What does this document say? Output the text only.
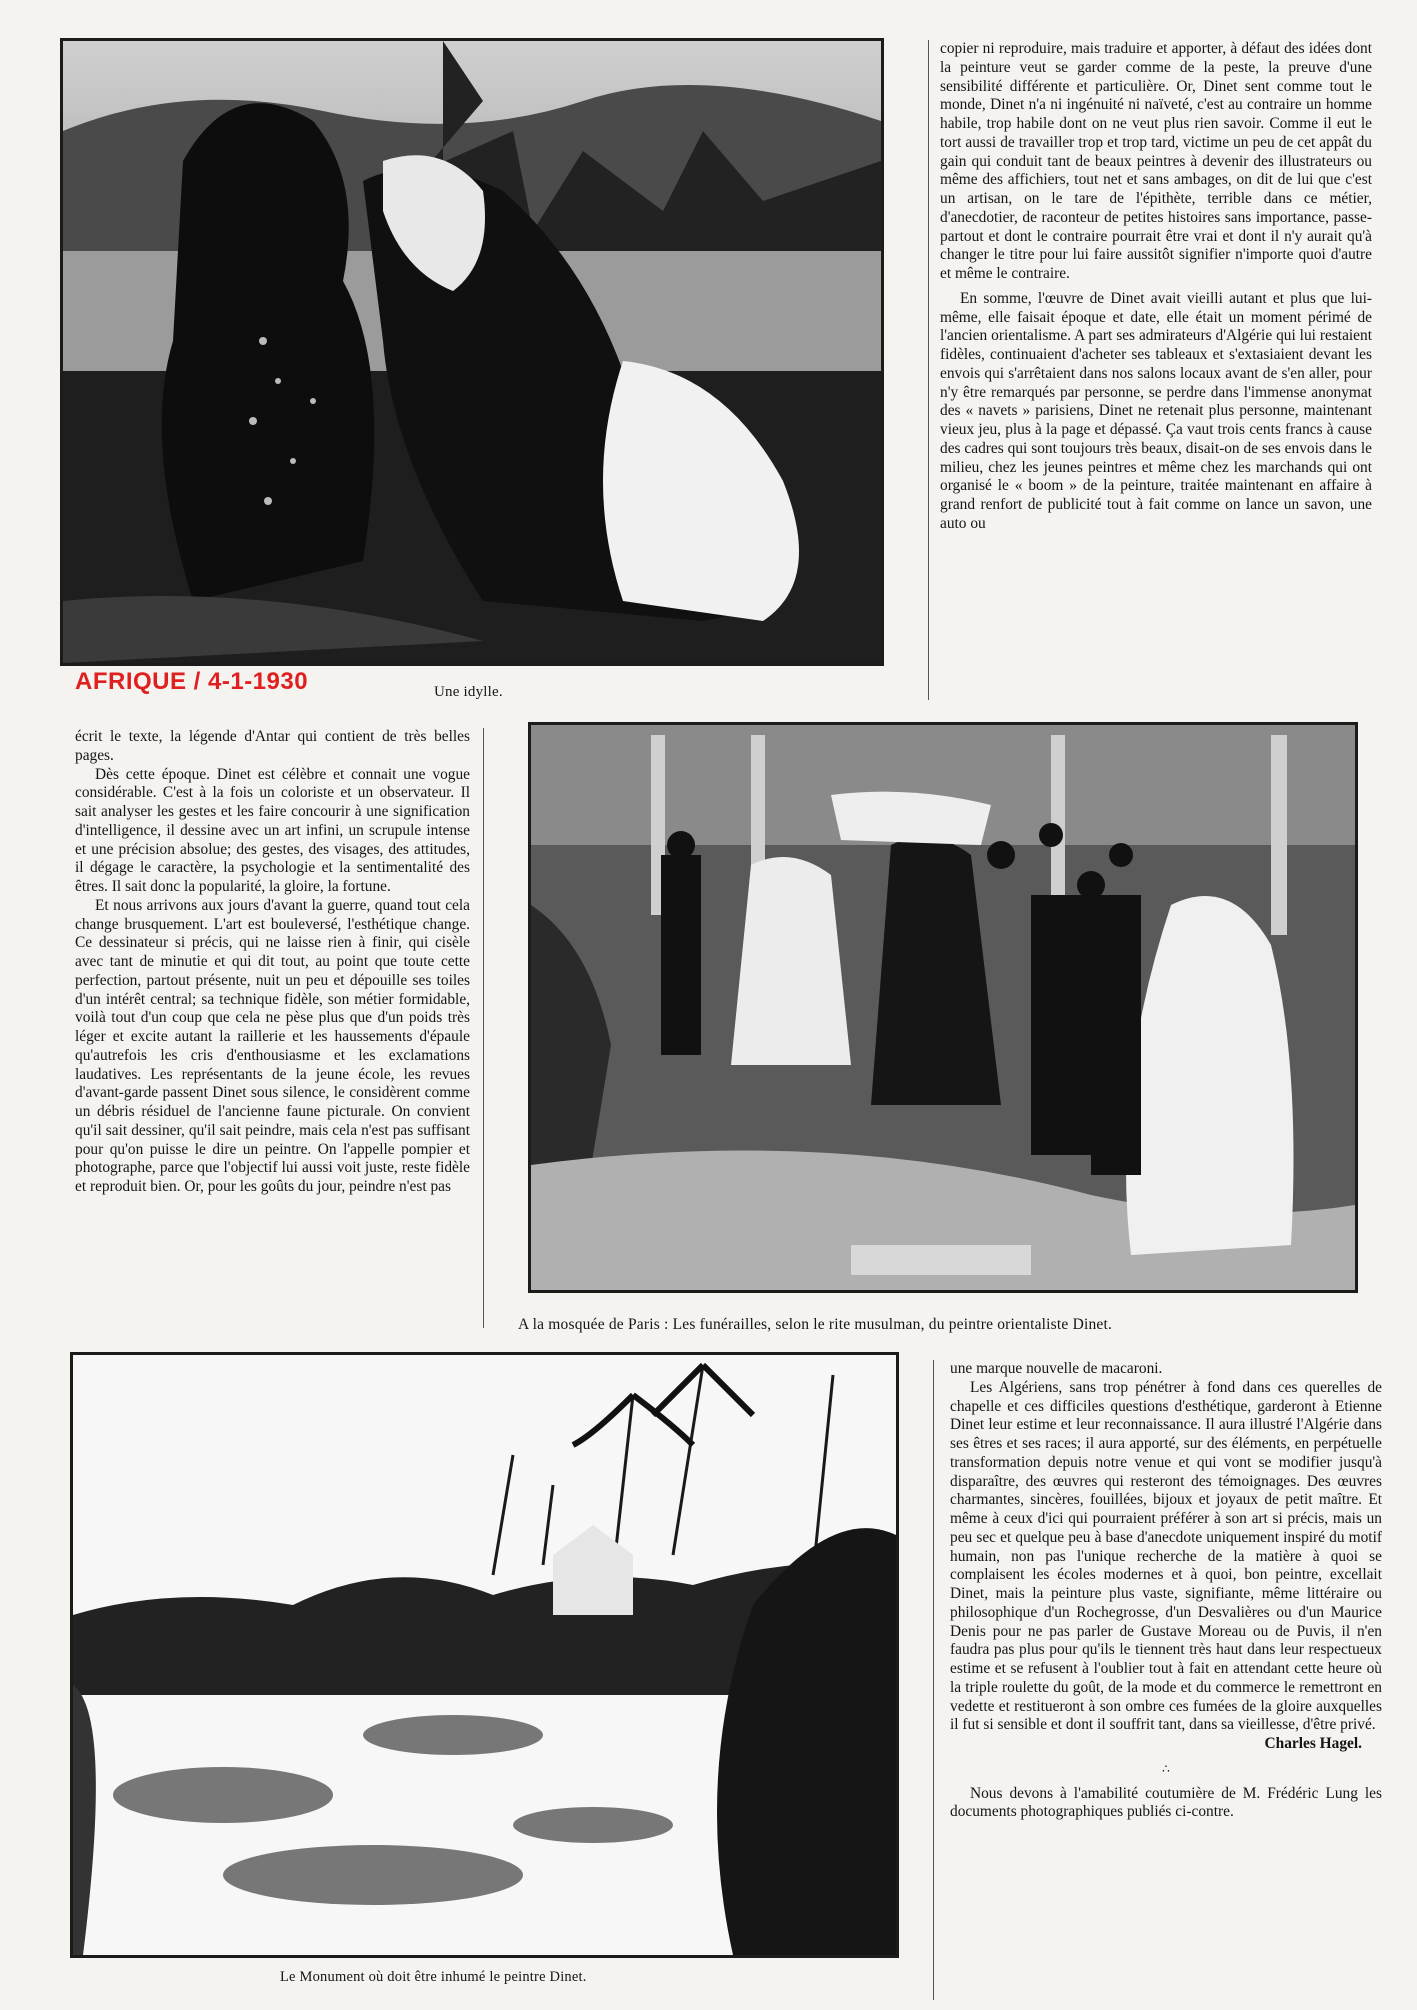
Une idylle.
AFRIQUE / 4-1-1930

copier ni reproduire, mais traduire et apporter, à défaut des idées dont la peinture veut se garder comme de la peste, la preuve d'une sensibilité différente et particulière. Or, Dinet sent comme tout le monde, Dinet n'a ni ingénuité ni naïveté, c'est au contraire un homme habile, trop habile dont on ne veut plus rien savoir. Comme il eut le tort aussi de travailler trop et trop tard, victime un peu de cet appât du gain qui conduit tant de beaux peintres à devenir des illustrateurs ou même des affichiers, tout net et sans ambages, on dit de lui que c'est un artisan, on le tare de l'épithète, terrible dans ce métier, d'anecdotier, de raconteur de petites histoires sans importance, passe-partout et dont le contraire pourrait être vrai et dont il n'y aurait qu'à changer le titre pour lui faire aussitôt signifier n'importe quoi d'autre et même le contraire.

En somme, l'œuvre de Dinet avait vieilli autant et plus que lui-même, elle faisait époque et date, elle était un moment périmé de l'ancien orientalisme. A part ses admirateurs d'Algérie qui lui restaient fidèles, continuaient d'acheter ses tableaux et s'extasiaient devant les envois qui s'arrêtaient dans nos salons locaux avant de s'en aller, pour n'y être remarqués par personne, se perdre dans l'immense anonymat des « navets » parisiens, Dinet ne retenait plus personne, maintenant vieux jeu, plus à la page et dépassé. Ça vaut trois cents francs à cause des cadres qui sont toujours très beaux, disait-on de ses envois dans le milieu, chez les jeunes peintres et même chez les marchands qui ont organisé le « boom » de la peinture, traitée maintenant en affaire à grand renfort de publicité tout à fait comme on lance un savon, une auto ou

écrit le texte, la légende d'Antar qui contient de très belles pages.

Dès cette époque. Dinet est célèbre et connait une vogue considérable. C'est à la fois un coloriste et un observateur. Il sait analyser les gestes et les faire concourir à une signification d'intelligence, il dessine avec un art infini, un scrupule intense et une précision absolue; des gestes, des visages, des attitudes, il dégage le caractère, la psychologie et la sentimentalité des êtres. Il sait donc la popularité, la gloire, la fortune.

Et nous arrivons aux jours d'avant la guerre, quand tout cela change brusquement. L'art est bouleversé, l'esthétique change. Ce dessinateur si précis, qui ne laisse rien à finir, qui cisèle avec tant de minutie et qui dit tout, au point que toute cette perfection, partout présente, nuit un peu et dépouille ses toiles d'un intérêt central; sa technique fidèle, son métier formidable, voilà tout d'un coup que cela ne pèse plus que d'un poids très léger et excite autant la raillerie et les haussements d'épaule qu'autrefois les cris d'enthousiasme et les exclamations laudatives. Les représentants de la jeune école, les revues d'avant-garde passent Dinet sous silence, le considèrent comme un débris résiduel de l'ancienne faune picturale. On convient qu'il sait dessiner, qu'il sait peindre, mais cela n'est pas suffisant pour qu'on puisse le dire un peintre. On l'appelle pompier et photographe, parce que l'objectif lui aussi voit juste, reste fidèle et reproduit bien. Or, pour les goûts du jour, peindre n'est pas

A la mosquée de Paris : Les funérailles, selon le rite musulman, du peintre orientaliste Dinet.
Le Monument où doit être inhumé le peintre Dinet.

une marque nouvelle de macaroni.

Les Algériens, sans trop pénétrer à fond dans ces querelles de chapelle et ces difficiles questions d'esthétique, garderont à Etienne Dinet leur estime et leur reconnaissance. Il aura illustré l'Algérie dans ses êtres et ses races; il aura apporté, sur des éléments, en perpétuelle transformation depuis notre venue et qui vont se modifier jusqu'à disparaître, des œuvres qui resteront des témoignages. Des œuvres charmantes, sincères, fouillées, bijoux et joyaux de petit maître. Et même à ceux d'ici qui pourraient préférer à son art si précis, mais un peu sec et quelque peu à base d'anecdote uniquement inspiré du motif humain, non pas l'unique recherche de la matière à quoi se complaisent les écoles modernes et à quoi, bon peintre, excellait Dinet, mais la peinture plus vaste, signifiante, même littéraire ou philosophique d'un Rochegrosse, d'un Desvalières ou d'un Maurice Denis pour ne pas parler de Gustave Moreau ou de Puvis, il n'en faudra pas plus pour qu'ils le tiennent très haut dans leur respectueux estime et se refusent à l'oublier tout à fait en attendant cette heure où la triple roulette du goût, de la mode et du commerce le remettront en vedette et restitueront à son ombre ces fumées de la gloire auxquelles il fut si sensible et dont il souffrit tant, dans sa vieillesse, d'être privé.

Charles Hagel.
∴

Nous devons à l'amabilité coutumière de M. Frédéric Lung les documents photographiques publiés ci-contre.
